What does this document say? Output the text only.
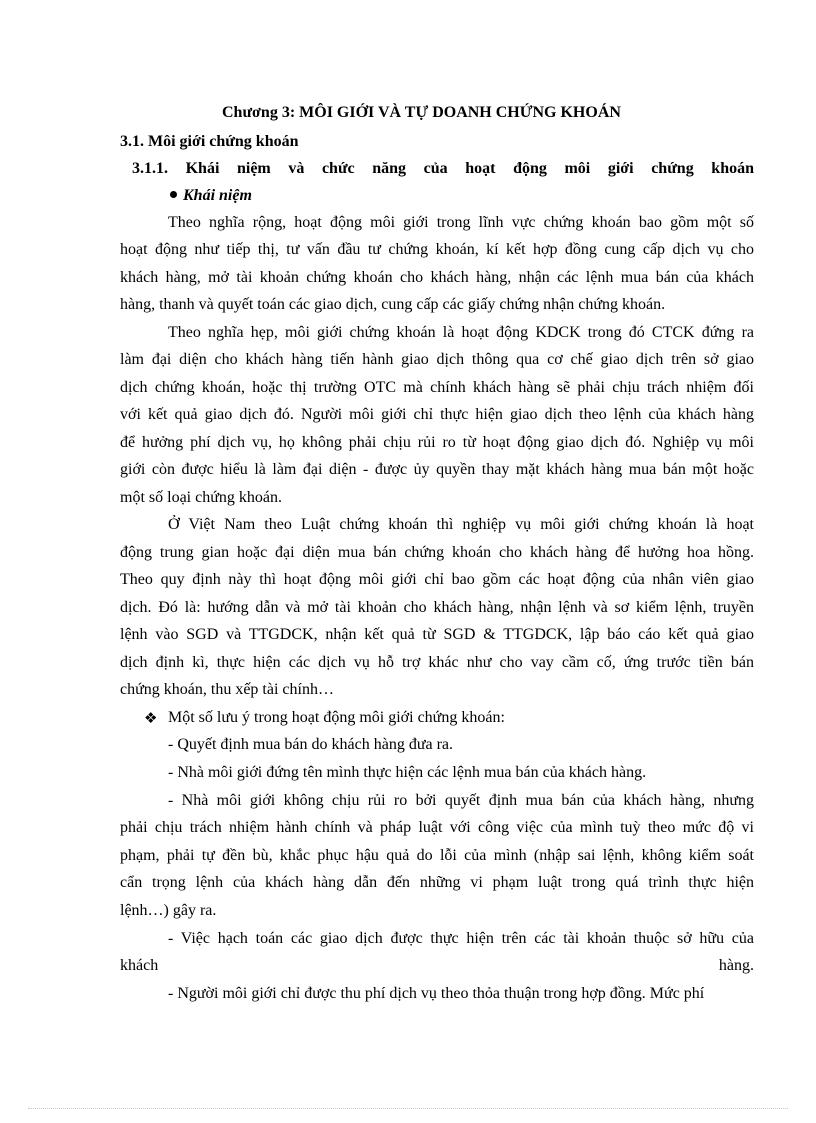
Chương 3: MÔI GIỚI VÀ TỰ DOANH CHỨNG KHOÁN
3.1. Môi giới chứng khoán
3.1.1. Khái niệm và chức năng của hoạt động môi giới chứng khoán
Khái niệm
Theo nghĩa rộng, hoạt động môi giới trong lĩnh vực chứng khoán bao gồm một số
hoạt động như tiếp thị, tư vấn đầu tư chứng khoán, kí kết hợp đồng cung cấp dịch vụ cho
khách hàng, mở tài khoản chứng khoán cho khách hàng, nhận các lệnh mua bán của khách
hàng, thanh và quyết toán các giao dịch, cung cấp các giấy chứng nhận chứng khoán.
Theo nghĩa hẹp, môi giới chứng khoán là hoạt động KDCK trong đó CTCK đứng ra
làm đại diện cho khách hàng tiến hành giao dịch thông qua cơ chế giao dịch trên sở giao
dịch chứng khoán, hoặc thị trường OTC mà chính khách hàng sẽ phải chịu trách nhiệm đối
với kết quả giao dịch đó. Người môi giới chỉ thực hiện giao dịch theo lệnh của khách hàng
để hưởng phí dịch vụ, họ không phải chịu rủi ro từ hoạt động giao dịch đó. Nghiệp vụ môi
giới còn được hiểu là làm đại diện - được ủy quyền thay mặt khách hàng mua bán một hoặc
một số loại chứng khoán.
Ở Việt Nam theo Luật chứng khoán thì nghiệp vụ môi giới chứng khoán là hoạt
động trung gian hoặc đại diện mua bán chứng khoán cho khách hàng để hưởng hoa hồng.
Theo quy định này thì hoạt động môi giới chỉ bao gồm các hoạt động của nhân viên giao
dịch. Đó là: hướng dẫn và mở tài khoản cho khách hàng, nhận lệnh và sơ kiểm lệnh, truyền
lệnh vào SGD và TTGDCK, nhận kết quả từ SGD & TTGDCK, lập báo cáo kết quả giao
dịch định kì, thực hiện các dịch vụ hỗ trợ khác như cho vay cầm cố, ứng trước tiền bán
chứng khoán, thu xếp tài chính…
❖ Một số lưu ý trong hoạt động môi giới chứng khoán:
- Quyết định mua bán do khách hàng đưa ra.
- Nhà môi giới đứng tên mình thực hiện các lệnh mua bán của khách hàng.
- Nhà môi giới không chịu rủi ro bởi quyết định mua bán của khách hàng, nhưng
phải chịu trách nhiệm hành chính và pháp luật với công việc của mình tuỳ theo mức độ vi
phạm, phải tự đền bù, khắc phục hậu quả do lỗi của mình (nhập sai lệnh, không kiểm soát
cẩn trọng lệnh của khách hàng dẫn đến những vi phạm luật trong quá trình thực hiện
lệnh…) gây ra.
- Việc hạch toán các giao dịch được thực hiện trên các tài khoản thuộc sở hữu của
khách hàng.
- Người môi giới chỉ được thu phí dịch vụ theo thỏa thuận trong hợp đồng. Mức phí
